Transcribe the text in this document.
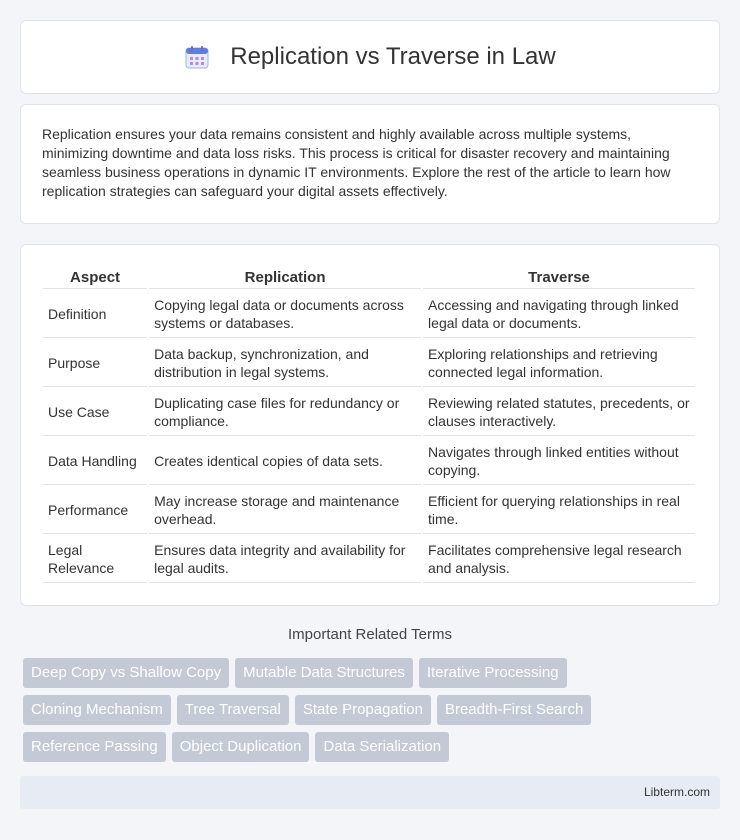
Replication vs Traverse in Law

Replication ensures your data remains consistent and highly available across multiple systems, minimizing downtime and data loss risks. This process is critical for disaster recovery and maintaining seamless business operations in dynamic IT environments. Explore the rest of the article to learn how replication strategies can safeguard your digital assets effectively.

Aspect	Replication	Traverse
Definition	Copying legal data or documents across systems or databases.	Accessing and navigating through linked legal data or documents.
Purpose	Data backup, synchronization, and distribution in legal systems.	Exploring relationships and retrieving connected legal information.
Use Case	Duplicating case files for redundancy or compliance.	Reviewing related statutes, precedents, or clauses interactively.
Data Handling	Creates identical copies of data sets.	Navigates through linked entities without copying.
Performance	May increase storage and maintenance overhead.	Efficient for querying relationships in real time.
Legal Relevance	Ensures data integrity and availability for legal audits.	Facilitates comprehensive legal research and analysis.
Important Related Terms
Deep Copy vs Shallow Copy	Mutable Data Structures	Iterative Processing
Cloning Mechanism	Tree Traversal	State Propagation	Breadth-First Search
Reference Passing	Object Duplication	Data Serialization
Libterm.com
